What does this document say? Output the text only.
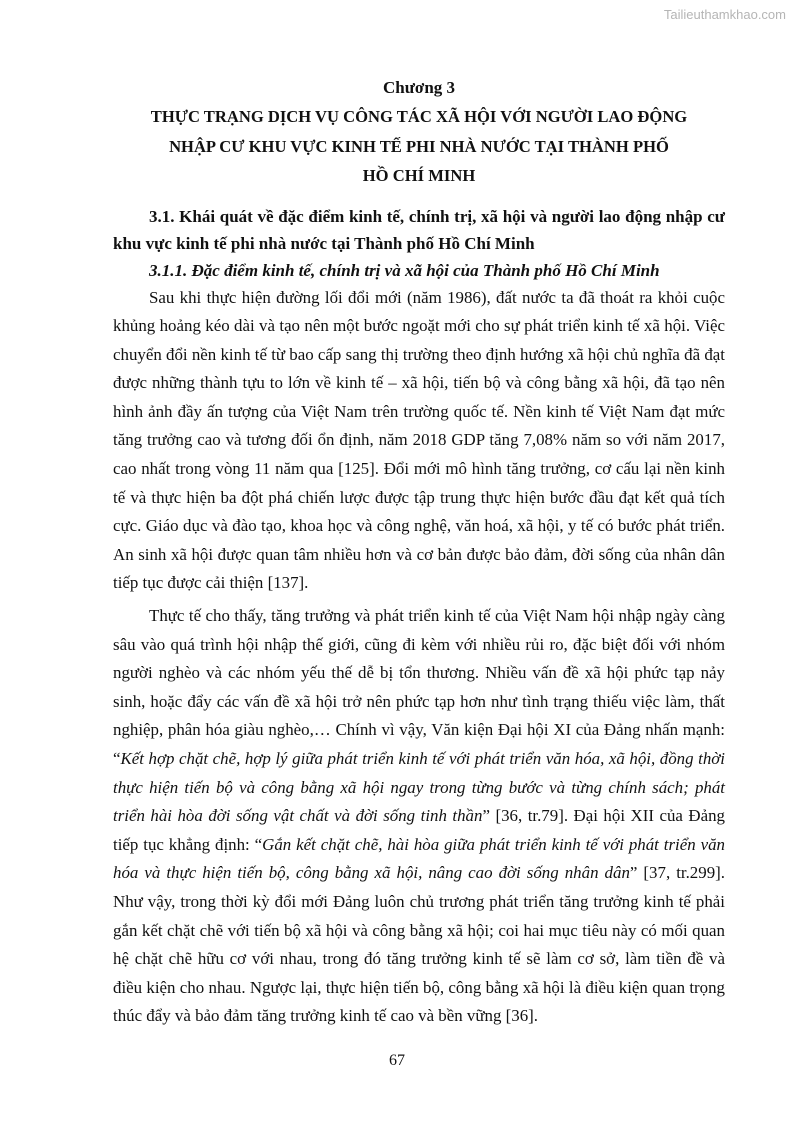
Tailieuthamkhao.com

Chương 3

THỰC TRẠNG DỊCH VỤ CÔNG TÁC XÃ HỘI VỚI NGƯỜI LAO ĐỘNG
NHẬP CƯ KHU VỰC KINH TẾ PHI NHÀ NƯỚC TẠI THÀNH PHỐ
HỒ CHÍ MINH
3.1. Khái quát về đặc điểm kinh tế, chính trị, xã hội và người lao động nhập cư khu vực kinh tế phi nhà nước tại Thành phố Hồ Chí Minh
3.1.1. Đặc điểm kinh tế, chính trị và xã hội của Thành phố Hồ Chí Minh

Sau khi thực hiện đường lối đổi mới (năm 1986), đất nước ta đã thoát ra khỏi cuộc khủng hoảng kéo dài và tạo nên một bước ngoặt mới cho sự phát triển kinh tế xã hội. Việc chuyển đổi nền kinh tế từ bao cấp sang thị trường theo định hướng xã hội chủ nghĩa đã đạt được những thành tựu to lớn về kinh tế – xã hội, tiến bộ và công bằng xã hội, đã tạo nên hình ảnh đầy ấn tượng của Việt Nam trên trường quốc tế. Nền kinh tế Việt Nam đạt mức tăng trưởng cao và tương đối ổn định, năm 2018 GDP tăng 7,08% năm so với năm 2017, cao nhất trong vòng 11 năm qua [125]. Đổi mới mô hình tăng trưởng, cơ cấu lại nền kinh tế và thực hiện ba đột phá chiến lược được tập trung thực hiện bước đầu đạt kết quả tích cực. Giáo dục và đào tạo, khoa học và công nghệ, văn hoá, xã hội, y tế có bước phát triển. An sinh xã hội được quan tâm nhiều hơn và cơ bản được bảo đảm, đời sống của nhân dân tiếp tục được cải thiện [137].

Thực tế cho thấy, tăng trưởng và phát triển kinh tế của Việt Nam hội nhập ngày càng sâu vào quá trình hội nhập thế giới, cũng đi kèm với nhiều rủi ro, đặc biệt đối với nhóm người nghèo và các nhóm yếu thế dễ bị tổn thương. Nhiều vấn đề xã hội phức tạp nảy sinh, hoặc đẩy các vấn đề xã hội trở nên phức tạp hơn như tình trạng thiếu việc làm, thất nghiệp, phân hóa giàu nghèo,… Chính vì vậy, Văn kiện Đại hội XI của Đảng nhấn mạnh: “Kết hợp chặt chẽ, hợp lý giữa phát triển kinh tế với phát triển văn hóa, xã hội, đồng thời thực hiện tiến bộ và công bằng xã hội ngay trong từng bước và từng chính sách; phát triển hài hòa đời sống vật chất và đời sống tinh thần” [36, tr.79]. Đại hội XII của Đảng tiếp tục khẳng định: “Gắn kết chặt chẽ, hài hòa giữa phát triển kinh tế với phát triển văn hóa và thực hiện tiến bộ, công bằng xã hội, nâng cao đời sống nhân dân” [37, tr.299]. Như vậy, trong thời kỳ đổi mới Đảng luôn chủ trương phát triển tăng trưởng kinh tế phải gắn kết chặt chẽ với tiến bộ xã hội và công bằng xã hội; coi hai mục tiêu này có mối quan hệ chặt chẽ hữu cơ với nhau, trong đó tăng trưởng kinh tế sẽ làm cơ sở, làm tiền đề và điều kiện cho nhau. Ngược lại, thực hiện tiến bộ, công bằng xã hội là điều kiện quan trọng thúc đẩy và bảo đảm tăng trưởng kinh tế cao và bền vững [36].

67
